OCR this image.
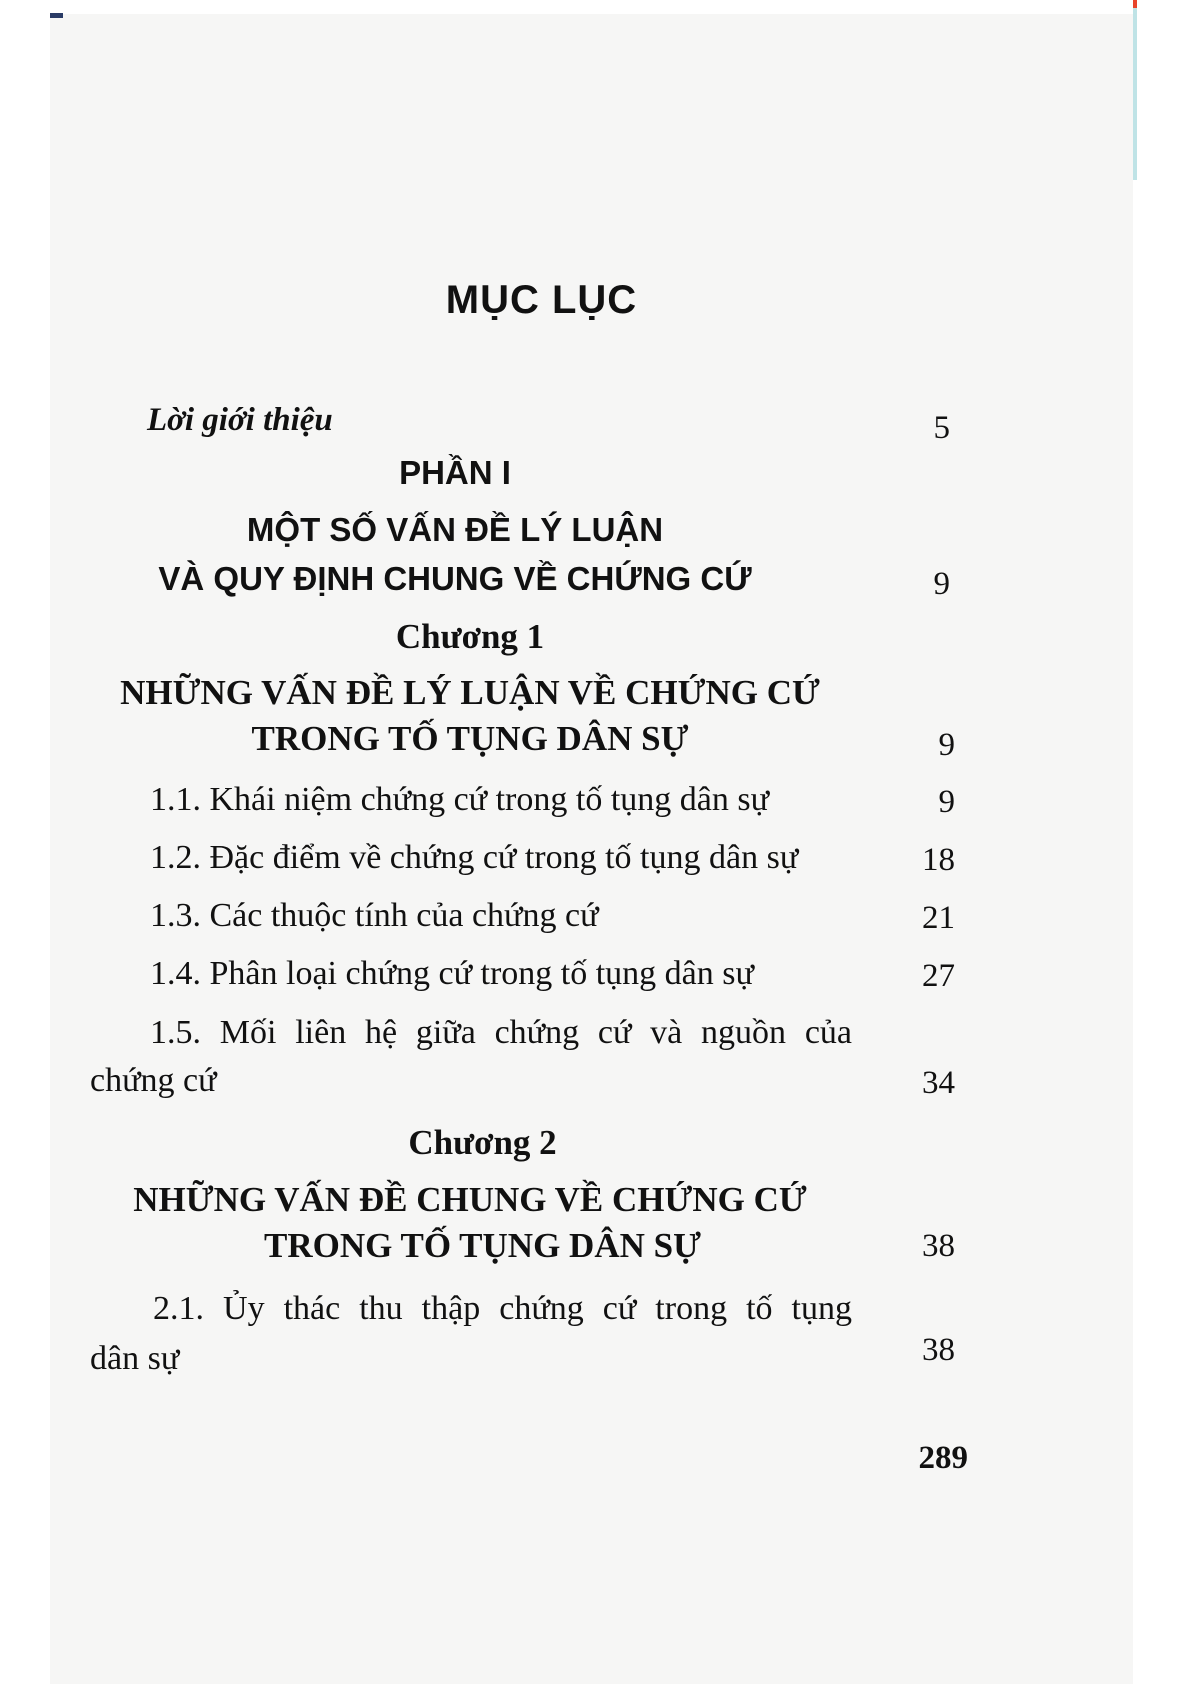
MỤC LỤC
Lời giới thiệu	5
PHẦN I
MỘT SỐ VẤN ĐỀ LÝ LUẬN
VÀ QUY ĐỊNH CHUNG VỀ CHỨNG CỨ	9
Chương 1
NHỮNG VẤN ĐỀ LÝ LUẬN VỀ CHỨNG CỨ
TRONG TỐ TỤNG DÂN SỰ	9
1.1. Khái niệm chứng cứ trong tố tụng dân sự	9
1.2. Đặc điểm về chứng cứ trong tố tụng dân sự	18
1.3. Các thuộc tính của chứng cứ	21
1.4. Phân loại chứng cứ trong tố tụng dân sự	27
1.5. Mối liên hệ giữa chứng cứ và nguồn của
chứng cứ	34
Chương 2
NHỮNG VẤN ĐỀ CHUNG VỀ CHỨNG CỨ
TRONG TỐ TỤNG DÂN SỰ	38
2.1. Ủy thác thu thập chứng cứ trong tố tụng
dân sự	38
289
